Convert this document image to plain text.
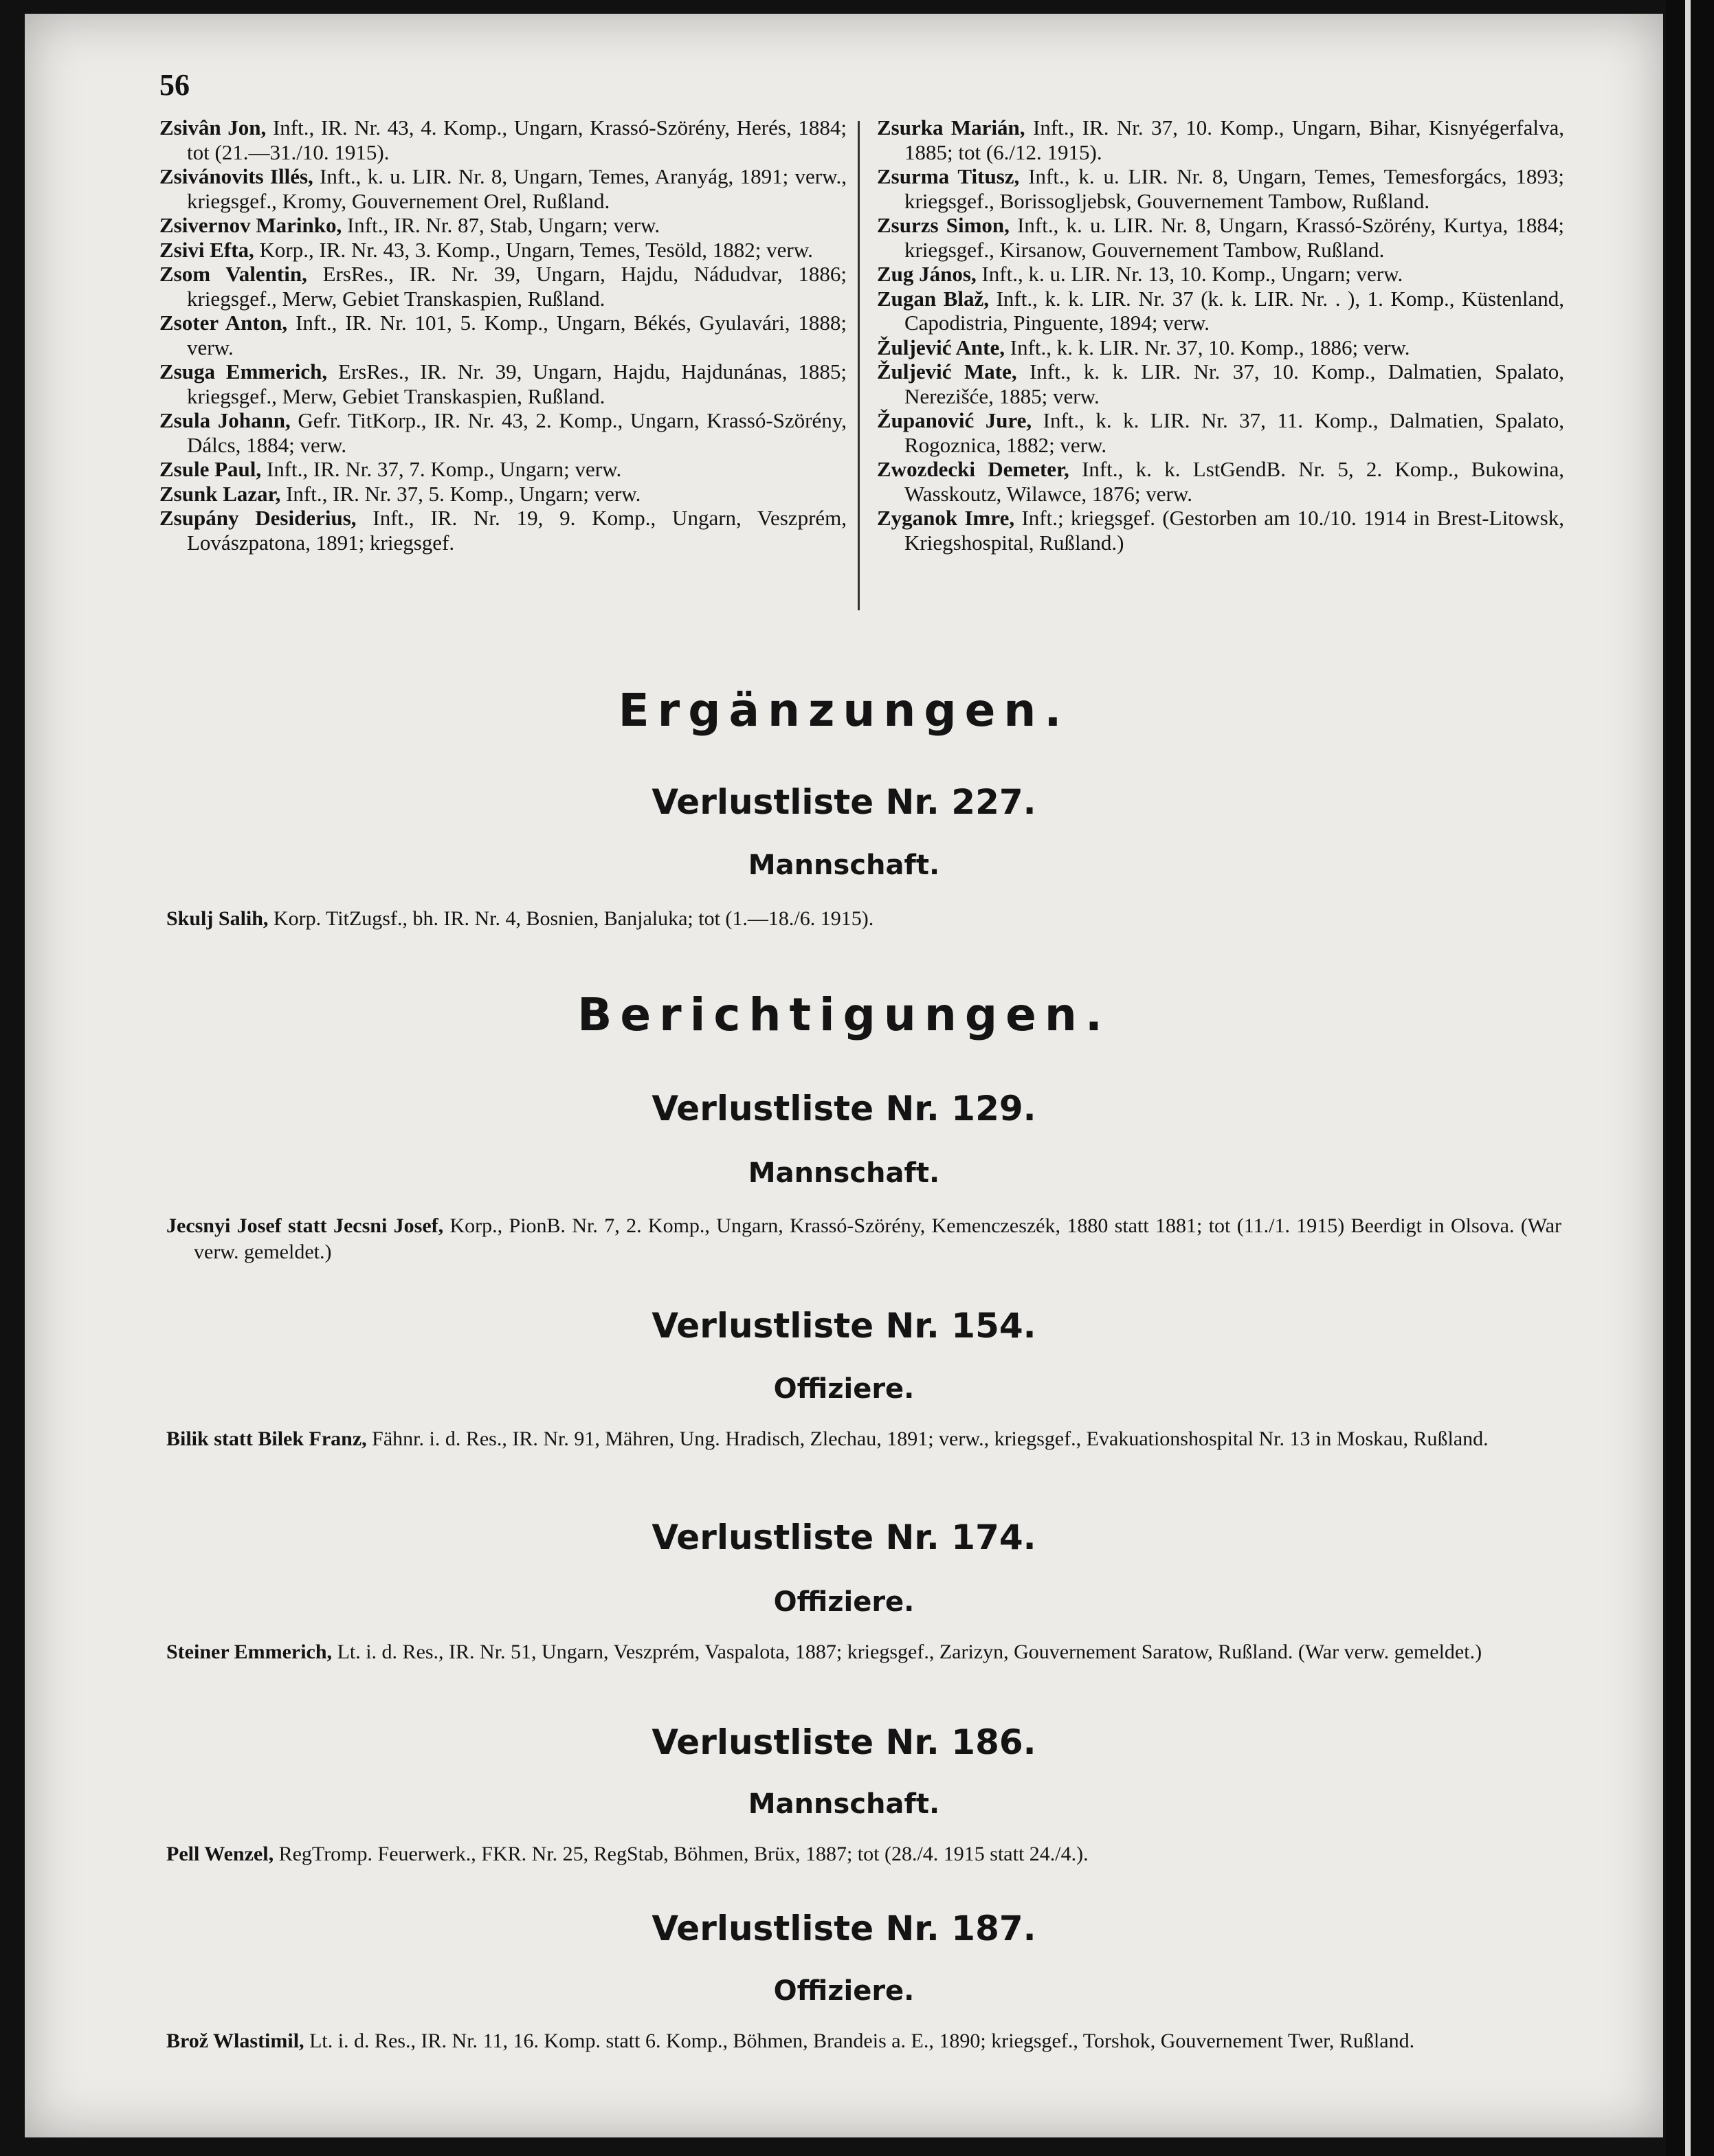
56

Zsivân Jon, Inft., IR. Nr. 43, 4. Komp., Ungarn, Krassó-Szörény, Herés, 1884; tot (21.—31./10. 1915).

Zsivánovits Illés, Inft., k. u. LIR. Nr. 8, Ungarn, Temes, Aranyág, 1891; verw., kriegsgef., Kromy, Gouvernement Orel, Rußland.

Zsivernov Marinko, Inft., IR. Nr. 87, Stab, Ungarn; verw.

Zsivi Efta, Korp., IR. Nr. 43, 3. Komp., Ungarn, Temes, Tesöld, 1882; verw.

Zsom Valentin, ErsRes., IR. Nr. 39, Ungarn, Hajdu, Nádudvar, 1886; kriegsgef., Merw, Gebiet Transkaspien, Rußland.

Zsoter Anton, Inft., IR. Nr. 101, 5. Komp., Ungarn, Békés, Gyulavári, 1888; verw.

Zsuga Emmerich, ErsRes., IR. Nr. 39, Ungarn, Hajdu, Hajdunánas, 1885; kriegsgef., Merw, Gebiet Transkaspien, Rußland.

Zsula Johann, Gefr. TitKorp., IR. Nr. 43, 2. Komp., Ungarn, Krassó-Szörény, Dálcs, 1884; verw.

Zsule Paul, Inft., IR. Nr. 37, 7. Komp., Ungarn; verw.

Zsunk Lazar, Inft., IR. Nr. 37, 5. Komp., Ungarn; verw.

Zsupány Desiderius, Inft., IR. Nr. 19, 9. Komp., Ungarn, Veszprém, Lovászpatona, 1891; kriegsgef.

Zsurka Marián, Inft., IR. Nr. 37, 10. Komp., Ungarn, Bihar, Kisnyégerfalva, 1885; tot (6./12. 1915).

Zsurma Titusz, Inft., k. u. LIR. Nr. 8, Ungarn, Temes, Temesforgács, 1893; kriegsgef., Borissogljebsk, Gouvernement Tambow, Rußland.

Zsurzs Simon, Inft., k. u. LIR. Nr. 8, Ungarn, Krassó-Szörény, Kurtya, 1884; kriegsgef., Kirsanow, Gouvernement Tambow, Rußland.

Zug János, Inft., k. u. LIR. Nr. 13, 10. Komp., Ungarn; verw.

Zugan Blaž, Inft., k. k. LIR. Nr. 37 (k. k. LIR. Nr. . ), 1. Komp., Küstenland, Capodistria, Pinguente, 1894; verw.

Žuljević Ante, Inft., k. k. LIR. Nr. 37, 10. Komp., 1886; verw.

Žuljević Mate, Inft., k. k. LIR. Nr. 37, 10. Komp., Dalmatien, Spalato, Nerezišće, 1885; verw.

Županović Jure, Inft., k. k. LIR. Nr. 37, 11. Komp., Dalmatien, Spalato, Rogoznica, 1882; verw.

Zwozdecki Demeter, Inft., k. k. LstGendB. Nr. 5, 2. Komp., Bukowina, Wasskoutz, Wilawce, 1876; verw.

Zyganok Imre, Inft.; kriegsgef. (Gestorben am 10./10. 1914 in Brest-Litowsk, Kriegshospital, Rußland.)

Ergänzungen.
Verlustliste Nr. 227.
Mannschaft.

Skulj Salih, Korp. TitZugsf., bh. IR. Nr. 4, Bosnien, Banjaluka; tot (1.—18./6. 1915).

Berichtigungen.
Verlustliste Nr. 129.
Mannschaft.

Jecsnyi Josef statt Jecsni Josef, Korp., PionB. Nr. 7, 2. Komp., Ungarn, Krassó-Szörény, Kemenczeszék, 1880 statt 1881; tot (11./1. 1915) Beerdigt in Olsova. (War verw. gemeldet.)

Verlustliste Nr. 154.
Offiziere.

Bilik statt Bilek Franz, Fähnr. i. d. Res., IR. Nr. 91, Mähren, Ung. Hradisch, Zlechau, 1891; verw., kriegsgef., Evakuationshospital Nr. 13 in Moskau, Rußland.

Verlustliste Nr. 174.
Offiziere.

Steiner Emmerich, Lt. i. d. Res., IR. Nr. 51, Ungarn, Veszprém, Vaspalota, 1887; kriegsgef., Zarizyn, Gouvernement Saratow, Rußland. (War verw. gemeldet.)

Verlustliste Nr. 186.
Mannschaft.

Pell Wenzel, RegTromp. Feuerwerk., FKR. Nr. 25, RegStab, Böhmen, Brüx, 1887; tot (28./4. 1915 statt 24./4.).

Verlustliste Nr. 187.
Offiziere.

Brož Wlastimil, Lt. i. d. Res., IR. Nr. 11, 16. Komp. statt 6. Komp., Böhmen, Brandeis a. E., 1890; kriegsgef., Torshok, Gouvernement Twer, Rußland.
